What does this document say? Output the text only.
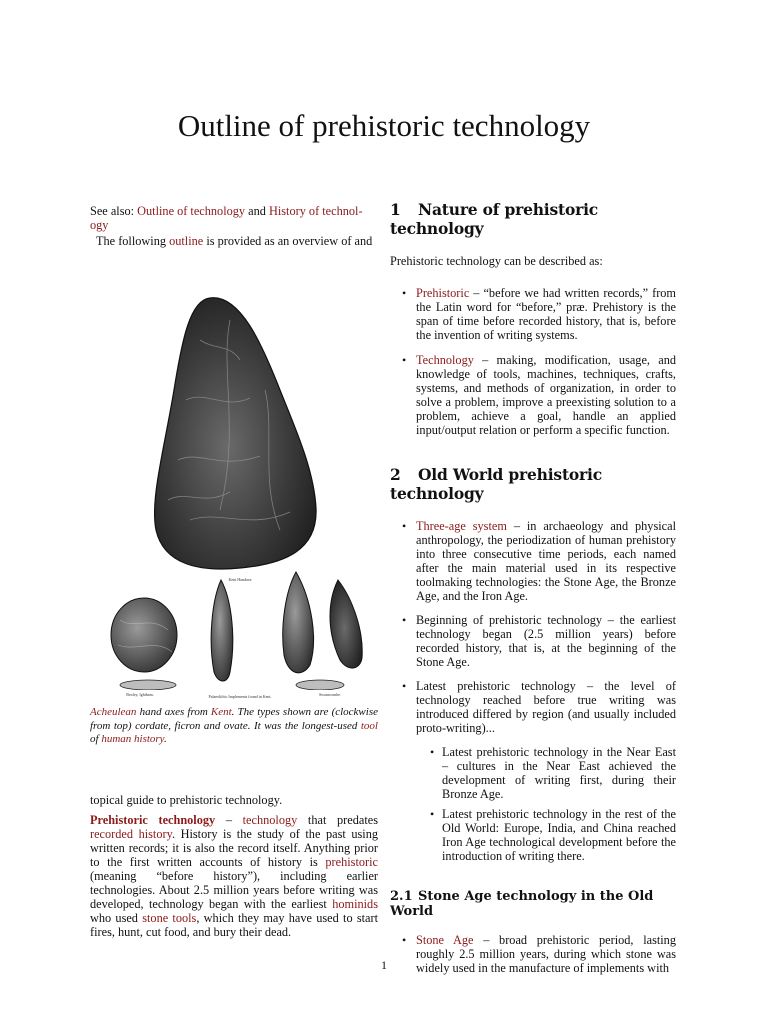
Outline of prehistoric technology

See also: Outline of technology and History of technol-ogy

The following outline is provided as an overview of and

Kent Handaxe
Bexley, Ightham.	Palaeolithic Implements found in Kent.	Swanscombe.

Acheulean hand axes from Kent. The types shown are (clockwise from top) cordate, ficron and ovate. It was the longest-used tool of human history.

topical guide to prehistoric technology.

Prehistoric technology – technology that predates recorded history. History is the study of the past using written records; it is also the record itself. Anything prior to the first written accounts of history is prehistoric (meaning “before history”), including earlier technologies. About 2.5 million years before writing was developed, technology began with the earliest hominids who used stone tools, which they may have used to start fires, hunt, cut food, and bury their dead.

1 Nature of prehistoric technology

Prehistoric technology can be described as:

• Prehistoric – “before we had written records,” from the Latin word for “before,” præ. Prehistory is the span of time before recorded history, that is, before the invention of writing systems.

• Technology – making, modification, usage, and knowledge of tools, machines, techniques, crafts, systems, and methods of organization, in order to solve a problem, improve a preexisting solution to a problem, achieve a goal, handle an applied input/output relation or perform a specific function.

2 Old World prehistoric technology

• Three-age system – in archaeology and physical anthropology, the periodization of human prehistory into three consecutive time periods, each named after the main material used in its respective toolmaking technologies: the Stone Age, the Bronze Age, and the Iron Age.

• Beginning of prehistoric technology – the earliest technology began (2.5 million years) before recorded history, that is, at the beginning of the Stone Age.

• Latest prehistoric technology – the level of technology reached before true writing was introduced differed by region (and usually included proto-writing)...

• Latest prehistoric technology in the Near East – cultures in the Near East achieved the development of writing first, during their Bronze Age.

• Latest prehistoric technology in the rest of the Old World: Europe, India, and China reached Iron Age technological development before the introduction of writing there.

2.1 Stone Age technology in the Old World

• Stone Age – broad prehistoric period, lasting roughly 2.5 million years, during which stone was widely used in the manufacture of implements with

1
